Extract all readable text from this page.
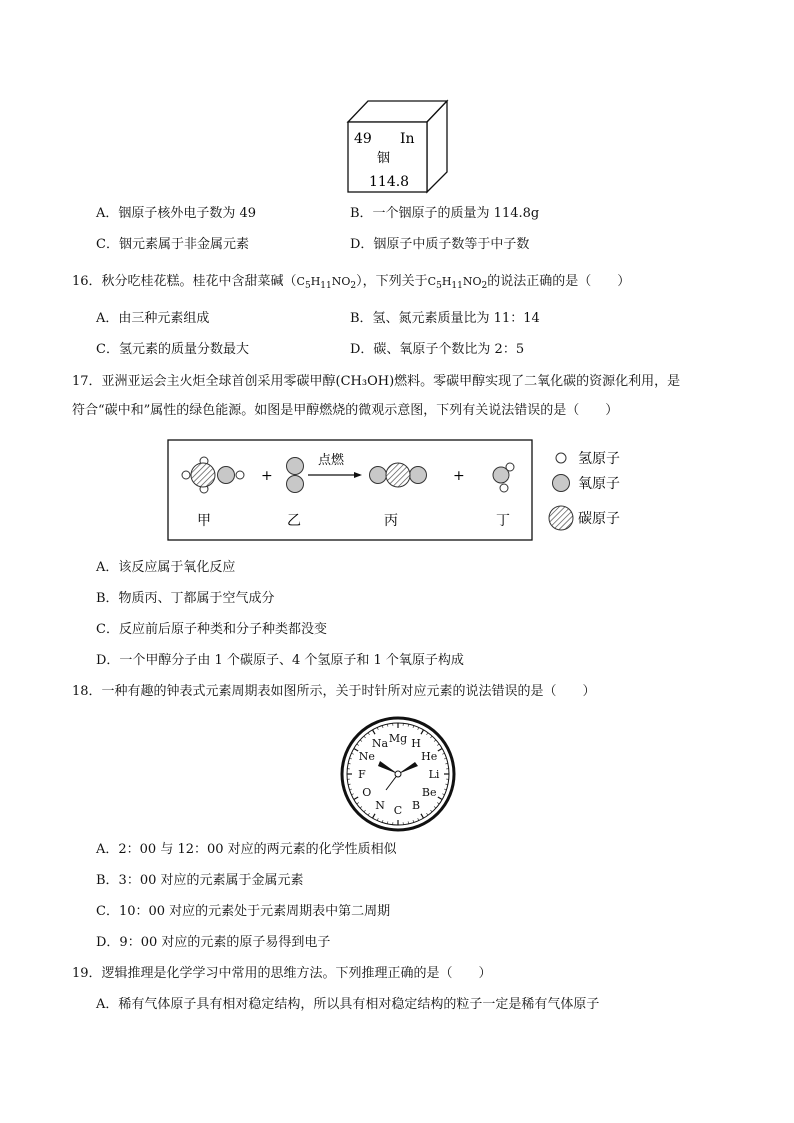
49 In
铟
114.8
A．铟原子核外电子数为 49	B．一个铟原子的质量为 114.8g
C．铟元素属于非金属元素	D．铟原子中质子数等于中子数
16．秋分吃桂花糕。桂花中含甜菜碱$(C_5H_{11}NO_2)$，下列关于$C_5H_{11}NO_2$的说法正确的是（　　）
A．由三种元素组成	B．氢、氮元素质量比为 11：14
C．氢元素的质量分数最大	D．碳、氧原子个数比为 2：5
17．亚洲亚运会主火炬全球首创采用零碳甲醇(CH₃OH)燃料。零碳甲醇实现了二氧化碳的资源化利用，是
符合“碳中和”属性的绿色能源。如图是甲醇燃烧的微观示意图，下列有关说法错误的是（　　）
+
点燃
+
甲	乙	丙	丁
氢原子
氧原子
碳原子
A．该反应属于氧化反应
B．物质丙、丁都属于空气成分
C．反应前后原子种类和分子种类都没变
D．一个甲醇分子由 1 个碳原子、4 个氢原子和 1 个氧原子构成
18．一种有趣的钟表式元素周期表如图所示，关于时针所对应元素的说法错误的是（　　）
H
He
Li
Be
B
C
N
O
F
Ne
Na Mg
A．2：00 与 12：00 对应的两元素的化学性质相似
B．3：00 对应的元素属于金属元素
C．10：00 对应的元素处于元素周期表中第二周期
D．9：00 对应的元素的原子易得到电子
19．逻辑推理是化学学习中常用的思维方法。下列推理正确的是（　　）
A．稀有气体原子具有相对稳定结构，所以具有相对稳定结构的粒子一定是稀有气体原子
